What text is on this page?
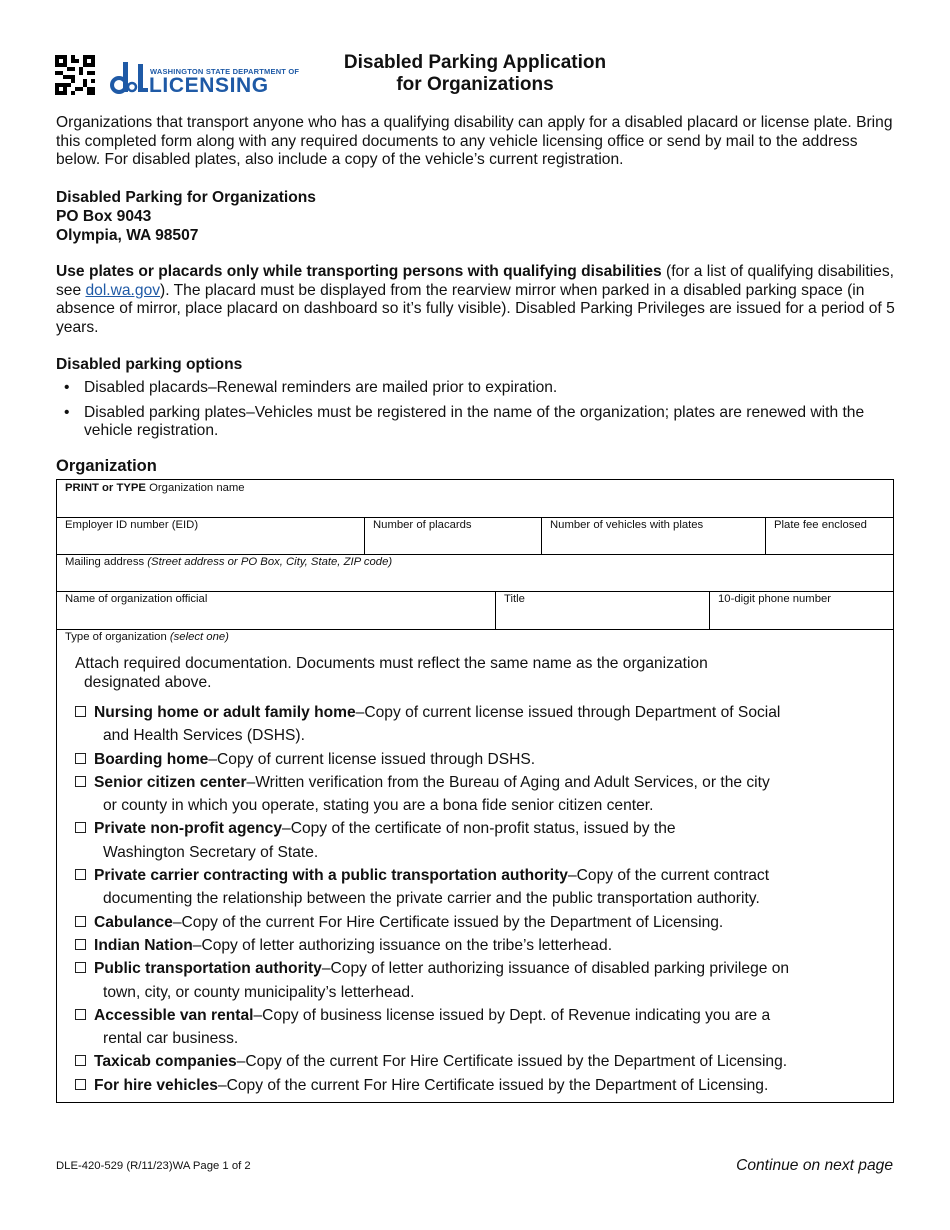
WASHINGTON STATE DEPARTMENT OF
LICENSING
Disabled Parking Application
for Organizations
Organizations that transport anyone who has a qualifying disability can apply for a disabled placard or license plate. Bring this completed form along with any required documents to any vehicle licensing office or send by mail to the address below. For disabled plates, also include a copy of the vehicle’s current registration.
Disabled Parking for Organizations
PO Box 9043
Olympia, WA 98507
Use plates or placards only while transporting persons with qualifying disabilities (for a list of qualifying disabilities, see dol.wa.gov). The placard must be displayed from the rearview mirror when parked in a disabled parking space (in absence of mirror, place placard on dashboard so it’s fully visible). Disabled Parking Privileges are issued for a period of 5 years.
Disabled parking options
• Disabled placards–Renewal reminders are mailed prior to expiration.
• Disabled parking plates–Vehicles must be registered in the name of the organization; plates are renewed with the vehicle registration.
Organization
PRINT or TYPE Organization name
Employer ID number (EID)	Number of placards	Number of vehicles with plates	Plate fee enclosed
Mailing address (Street address or PO Box, City, State, ZIP code)
Name of organization official	Title	10-digit phone number
Type of organization (select one)
Attach required documentation. Documents must reflect the same name as the organization
designated above.
Nursing home or adult family home–Copy of current license issued through Department of Social
and Health Services (DSHS).
Boarding home–Copy of current license issued through DSHS.
Senior citizen center–Written verification from the Bureau of Aging and Adult Services, or the city
or county in which you operate, stating you are a bona fide senior citizen center.
Private non-profit agency–Copy of the certificate of non-profit status, issued by the
Washington Secretary of State.
Private carrier contracting with a public transportation authority–Copy of the current contract
documenting the relationship between the private carrier and the public transportation authority.
Cabulance–Copy of the current For Hire Certificate issued by the Department of Licensing.
Indian Nation–Copy of letter authorizing issuance on the tribe’s letterhead.
Public transportation authority–Copy of letter authorizing issuance of disabled parking privilege on
town, city, or county municipality’s letterhead.
Accessible van rental–Copy of business license issued by Dept. of Revenue indicating you are a
rental car business.
Taxicab companies–Copy of the current For Hire Certificate issued by the Department of Licensing.
For hire vehicles–Copy of the current For Hire Certificate issued by the Department of Licensing.
DLE-420-529 (R/11/23)WA Page 1 of 2	Continue on next page
